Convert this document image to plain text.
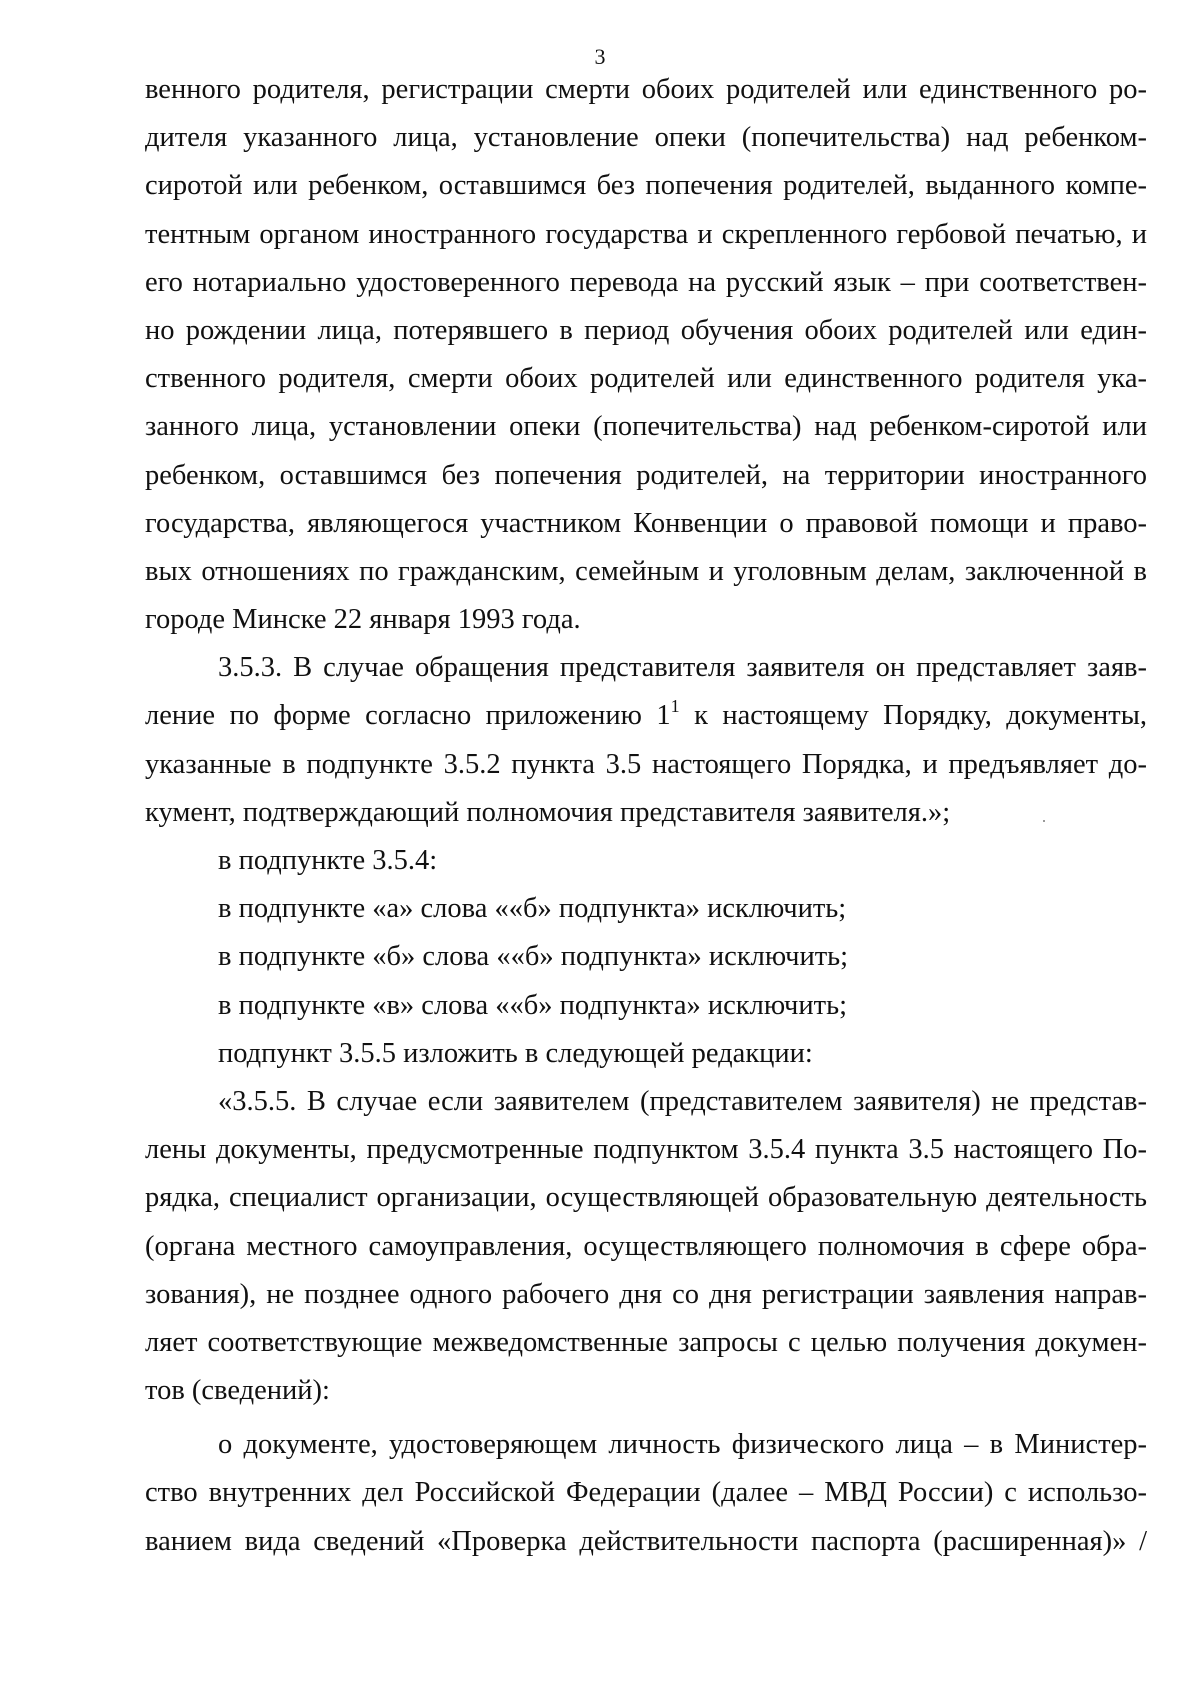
3
венного родителя, регистрации смерти обоих родителей или единственного ро-
дителя указанного лица, установление опеки (попечительства) над ребенком-
сиротой или ребенком, оставшимся без попечения родителей, выданного компе-
тентным органом иностранного государства и скрепленного гербовой печатью, и
его нотариально удостоверенного перевода на русский язык – при соответствен-
но рождении лица, потерявшего в период обучения обоих родителей или един-
ственного родителя, смерти обоих родителей или единственного родителя ука-
занного лица, установлении опеки (попечительства) над ребенком-сиротой или
ребенком, оставшимся без попечения родителей, на территории иностранного
государства, являющегося участником Конвенции о правовой помощи и право-
вых отношениях по гражданским, семейным и уголовным делам, заключенной в
городе Минске 22 января 1993 года.
3.5.3. В случае обращения представителя заявителя он представляет заяв-
ление по форме согласно приложению $1^1$ к настоящему Порядку, документы,
указанные в подпункте 3.5.2 пункта 3.5 настоящего Порядка, и предъявляет до-
кумент, подтверждающий полномочия представителя заявителя.»;
в подпункте 3.5.4:
в подпункте «а» слова ««б» подпункта» исключить;
в подпункте «б» слова ««б» подпункта» исключить;
в подпункте «в» слова ««б» подпункта» исключить;
подпункт 3.5.5 изложить в следующей редакции:
«3.5.5. В случае если заявителем (представителем заявителя) не представ-
лены документы, предусмотренные подпунктом 3.5.4 пункта 3.5 настоящего По-
рядка, специалист организации, осуществляющей образовательную деятельность
(органа местного самоуправления, осуществляющего полномочия в сфере обра-
зования), не позднее одного рабочего дня со дня регистрации заявления направ-
ляет соответствующие межведомственные запросы с целью получения докумен-
тов (сведений):
о документе, удостоверяющем личность физического лица – в Министер-
ство внутренних дел Российской Федерации (далее – МВД России) с использо-
ванием вида сведений «Проверка действительности паспорта (расширенная)» /
